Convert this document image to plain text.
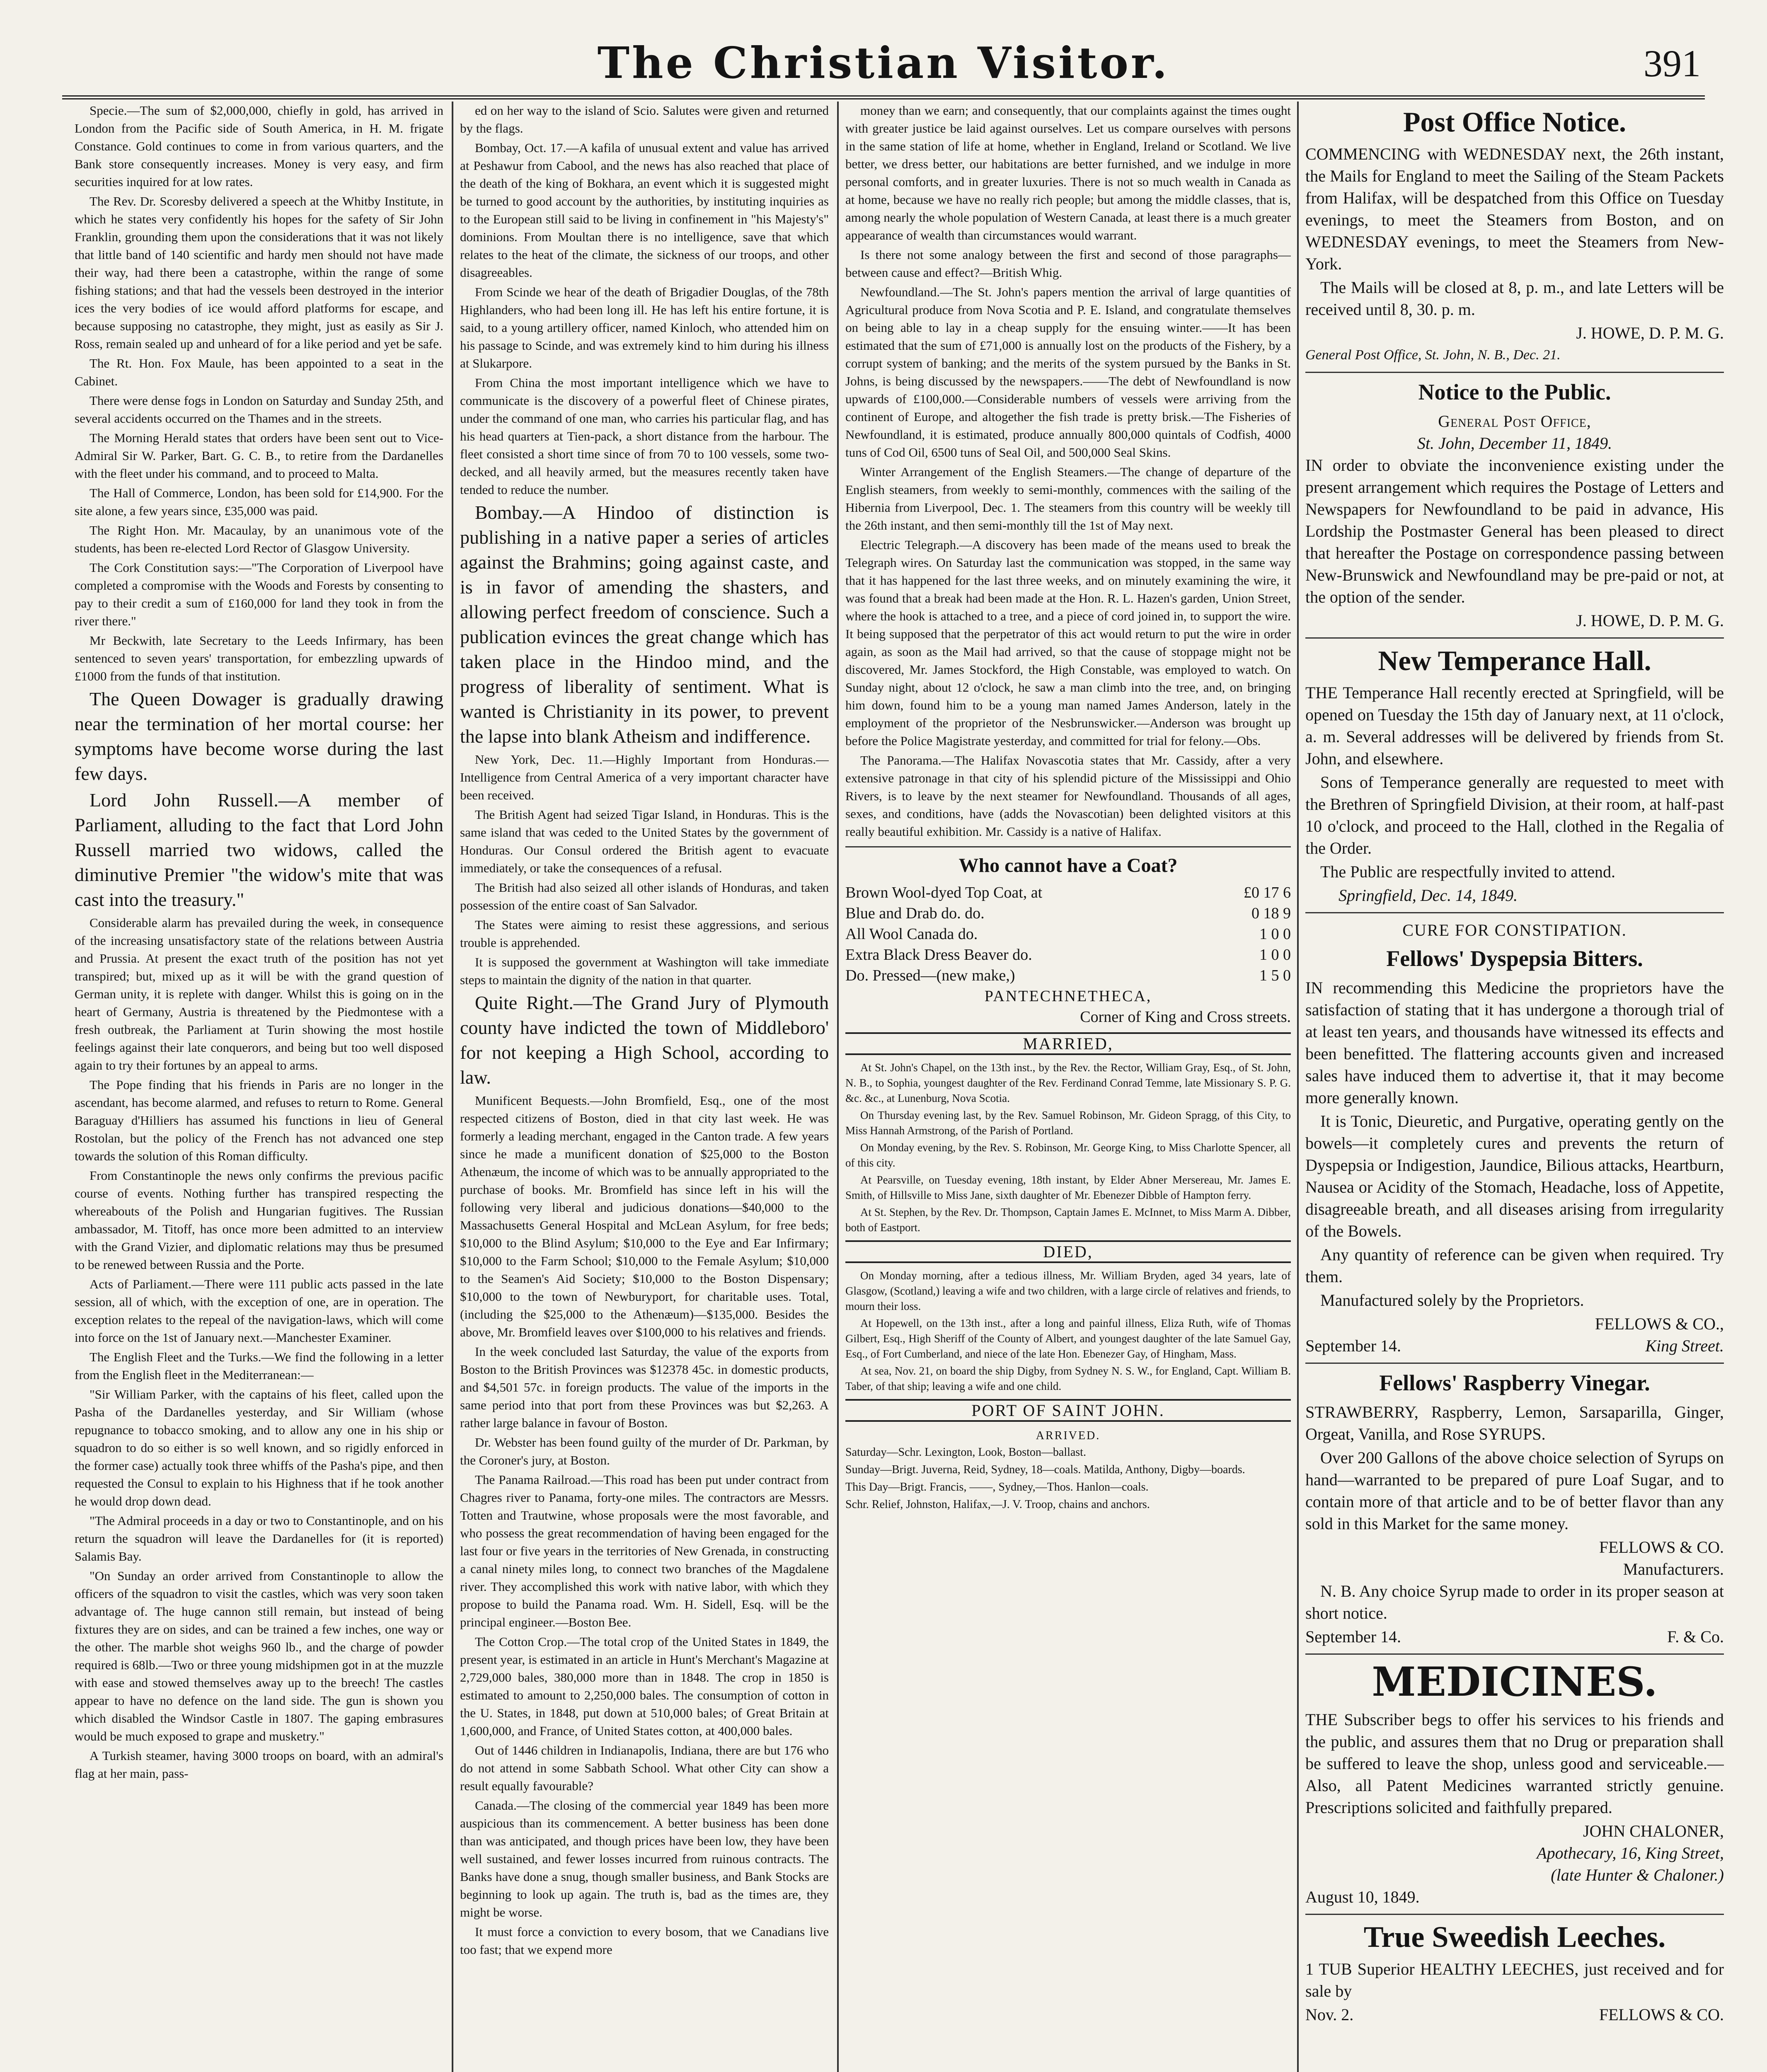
The Christian Visitor.	391

Specie.—The sum of $2,000,000, chiefly in gold, has arrived in London from the Pacific side of South America, in H. M. frigate Constance. Gold continues to come in from various quarters, and the Bank store consequently increases. Money is very easy, and firm securities inquired for at low rates.

The Rev. Dr. Scoresby delivered a speech at the Whitby Institute, in which he states very confidently his hopes for the safety of Sir John Franklin, grounding them upon the considerations that it was not likely that little band of 140 scientific and hardy men should not have made their way, had there been a catastrophe, within the range of some fishing stations; and that had the vessels been destroyed in the interior ices the very bodies of ice would afford platforms for escape, and because supposing no catastrophe, they might, just as easily as Sir J. Ross, remain sealed up and unheard of for a like period and yet be safe.

The Rt. Hon. Fox Maule, has been appointed to a seat in the Cabinet.

There were dense fogs in London on Saturday and Sunday 25th, and several accidents occurred on the Thames and in the streets.

The Morning Herald states that orders have been sent out to Vice-Admiral Sir W. Parker, Bart. G. C. B., to retire from the Dardanelles with the fleet under his command, and to proceed to Malta.

The Hall of Commerce, London, has been sold for £14,900. For the site alone, a few years since, £35,000 was paid.

The Right Hon. Mr. Macaulay, by an unanimous vote of the students, has been re-elected Lord Rector of Glasgow University.

The Cork Constitution says:—"The Corporation of Liverpool have completed a compromise with the Woods and Forests by consenting to pay to their credit a sum of £160,000 for land they took in from the river there."

Mr Beckwith, late Secretary to the Leeds Infirmary, has been sentenced to seven years' transportation, for embezzling upwards of £1000 from the funds of that institution.

The Queen Dowager is gradually drawing near the termination of her mortal course: her symptoms have become worse during the last few days.

Lord John Russell.—A member of Parliament, alluding to the fact that Lord John Russell married two widows, called the diminutive Premier "the widow's mite that was cast into the treasury."

Considerable alarm has prevailed during the week, in consequence of the increasing unsatisfactory state of the relations between Austria and Prussia. At present the exact truth of the position has not yet transpired; but, mixed up as it will be with the grand question of German unity, it is replete with danger. Whilst this is going on in the heart of Germany, Austria is threatened by the Piedmontese with a fresh outbreak, the Parliament at Turin showing the most hostile feelings against their late conquerors, and being but too well disposed again to try their fortunes by an appeal to arms.

The Pope finding that his friends in Paris are no longer in the ascendant, has become alarmed, and refuses to return to Rome. General Baraguay d'Hilliers has assumed his functions in lieu of General Rostolan, but the policy of the French has not advanced one step towards the solution of this Roman difficulty.

From Constantinople the news only confirms the previous pacific course of events. Nothing further has transpired respecting the whereabouts of the Polish and Hungarian fugitives. The Russian ambassador, M. Titoff, has once more been admitted to an interview with the Grand Vizier, and diplomatic relations may thus be presumed to be renewed between Russia and the Porte.

Acts of Parliament.—There were 111 public acts passed in the late session, all of which, with the exception of one, are in operation. The exception relates to the repeal of the navigation-laws, which will come into force on the 1st of January next.—Manchester Examiner.

The English Fleet and the Turks.—We find the following in a letter from the English fleet in the Mediterranean:—

"Sir William Parker, with the captains of his fleet, called upon the Pasha of the Dardanelles yesterday, and Sir William (whose repugnance to tobacco smoking, and to allow any one in his ship or squadron to do so either is so well known, and so rigidly enforced in the former case) actually took three whiffs of the Pasha's pipe, and then requested the Consul to explain to his Highness that if he took another he would drop down dead.

"The Admiral proceeds in a day or two to Constantinople, and on his return the squadron will leave the Dardanelles for (it is reported) Salamis Bay.

"On Sunday an order arrived from Constantinople to allow the officers of the squadron to visit the castles, which was very soon taken advantage of. The huge cannon still remain, but instead of being fixtures they are on sides, and can be trained a few inches, one way or the other. The marble shot weighs 960 lb., and the charge of powder required is 68lb.—Two or three young midshipmen got in at the muzzle with ease and stowed themselves away up to the breech! The castles appear to have no defence on the land side. The gun is shown you which disabled the Windsor Castle in 1807. The gaping embrasures would be much exposed to grape and musketry."

A Turkish steamer, having 3000 troops on board, with an admiral's flag at her main, pass-

ed on her way to the island of Scio. Salutes were given and returned by the flags.

Bombay, Oct. 17.—A kafila of unusual extent and value has arrived at Peshawur from Cabool, and the news has also reached that place of the death of the king of Bokhara, an event which it is suggested might be turned to good account by the authorities, by instituting inquiries as to the European still said to be living in confinement in "his Majesty's" dominions. From Moultan there is no intelligence, save that which relates to the heat of the climate, the sickness of our troops, and other disagreeables.

From Scinde we hear of the death of Brigadier Douglas, of the 78th Highlanders, who had been long ill. He has left his entire fortune, it is said, to a young artillery officer, named Kinloch, who attended him on his passage to Scinde, and was extremely kind to him during his illness at Slukarpore.

From China the most important intelligence which we have to communicate is the discovery of a powerful fleet of Chinese pirates, under the command of one man, who carries his particular flag, and has his head quarters at Tien-pack, a short distance from the harbour. The fleet consisted a short time since of from 70 to 100 vessels, some two-decked, and all heavily armed, but the measures recently taken have tended to reduce the number.

Bombay.—A Hindoo of distinction is publishing in a native paper a series of articles against the Brahmins; going against caste, and is in favor of amending the shasters, and allowing perfect freedom of conscience. Such a publication evinces the great change which has taken place in the Hindoo mind, and the progress of liberality of sentiment. What is wanted is Christianity in its power, to prevent the lapse into blank Atheism and indifference.

New York, Dec. 11.—Highly Important from Honduras.—Intelligence from Central America of a very important character have been received.

The British Agent had seized Tigar Island, in Honduras. This is the same island that was ceded to the United States by the government of Honduras. Our Consul ordered the British agent to evacuate immediately, or take the consequences of a refusal.

The British had also seized all other islands of Honduras, and taken possession of the entire coast of San Salvador.

The States were aiming to resist these aggressions, and serious trouble is apprehended.

It is supposed the government at Washington will take immediate steps to maintain the dignity of the nation in that quarter.

Quite Right.—The Grand Jury of Plymouth county have indicted the town of Middleboro' for not keeping a High School, according to law.

Munificent Bequests.—John Bromfield, Esq., one of the most respected citizens of Boston, died in that city last week. He was formerly a leading merchant, engaged in the Canton trade. A few years since he made a munificent donation of $25,000 to the Boston Athenæum, the income of which was to be annually appropriated to the purchase of books. Mr. Bromfield has since left in his will the following very liberal and judicious donations—$40,000 to the Massachusetts General Hospital and McLean Asylum, for free beds; $10,000 to the Blind Asylum; $10,000 to the Eye and Ear Infirmary; $10,000 to the Farm School; $10,000 to the Female Asylum; $10,000 to the Seamen's Aid Society; $10,000 to the Boston Dispensary; $10,000 to the town of Newburyport, for charitable uses. Total, (including the $25,000 to the Athenæum)—$135,000. Besides the above, Mr. Bromfield leaves over $100,000 to his relatives and friends.

In the week concluded last Saturday, the value of the exports from Boston to the British Provinces was $12378 45c. in domestic products, and $4,501 57c. in foreign products. The value of the imports in the same period into that port from these Provinces was but $2,263. A rather large balance in favour of Boston.

Dr. Webster has been found guilty of the murder of Dr. Parkman, by the Coroner's jury, at Boston.

The Panama Railroad.—This road has been put under contract from Chagres river to Panama, forty-one miles. The contractors are Messrs. Totten and Trautwine, whose proposals were the most favorable, and who possess the great recommendation of having been engaged for the last four or five years in the territories of New Grenada, in constructing a canal ninety miles long, to connect two branches of the Magdalene river. They accomplished this work with native labor, with which they propose to build the Panama road. Wm. H. Sidell, Esq. will be the principal engineer.—Boston Bee.

The Cotton Crop.—The total crop of the United States in 1849, the present year, is estimated in an article in Hunt's Merchant's Magazine at 2,729,000 bales, 380,000 more than in 1848. The crop in 1850 is estimated to amount to 2,250,000 bales. The consumption of cotton in the U. States, in 1848, put down at 510,000 bales; of Great Britain at 1,600,000, and France, of United States cotton, at 400,000 bales.

Out of 1446 children in Indianapolis, Indiana, there are but 176 who do not attend in some Sabbath School. What other City can show a result equally favourable?

Canada.—The closing of the commercial year 1849 has been more auspicious than its commencement. A better business has been done than was anticipated, and though prices have been low, they have been well sustained, and fewer losses incurred from ruinous contracts. The Banks have done a snug, though smaller business, and Bank Stocks are beginning to look up again. The truth is, bad as the times are, they might be worse.

It must force a conviction to every bosom, that we Canadians live too fast; that we expend more

money than we earn; and consequently, that our complaints against the times ought with greater justice be laid against ourselves. Let us compare ourselves with persons in the same station of life at home, whether in England, Ireland or Scotland. We live better, we dress better, our habitations are better furnished, and we indulge in more personal comforts, and in greater luxuries. There is not so much wealth in Canada as at home, because we have no really rich people; but among the middle classes, that is, among nearly the whole population of Western Canada, at least there is a much greater appearance of wealth than circumstances would warrant.

Is there not some analogy between the first and second of those paragraphs—between cause and effect?—British Whig.

Newfoundland.—The St. John's papers mention the arrival of large quantities of Agricultural produce from Nova Scotia and P. E. Island, and congratulate themselves on being able to lay in a cheap supply for the ensuing winter.——It has been estimated that the sum of £71,000 is annually lost on the products of the Fishery, by a corrupt system of banking; and the merits of the system pursued by the Banks in St. Johns, is being discussed by the newspapers.——The debt of Newfoundland is now upwards of £100,000.—Considerable numbers of vessels were arriving from the continent of Europe, and altogether the fish trade is pretty brisk.—The Fisheries of Newfoundland, it is estimated, produce annually 800,000 quintals of Codfish, 4000 tuns of Cod Oil, 6500 tuns of Seal Oil, and 500,000 Seal Skins.

Winter Arrangement of the English Steamers.—The change of departure of the English steamers, from weekly to semi-monthly, commences with the sailing of the Hibernia from Liverpool, Dec. 1. The steamers from this country will be weekly till the 26th instant, and then semi-monthly till the 1st of May next.

Electric Telegraph.—A discovery has been made of the means used to break the Telegraph wires. On Saturday last the communication was stopped, in the same way that it has happened for the last three weeks, and on minutely examining the wire, it was found that a break had been made at the Hon. R. L. Hazen's garden, Union Street, where the hook is attached to a tree, and a piece of cord joined in, to support the wire. It being supposed that the perpetrator of this act would return to put the wire in order again, as soon as the Mail had arrived, so that the cause of stoppage might not be discovered, Mr. James Stockford, the High Constable, was employed to watch. On Sunday night, about 12 o'clock, he saw a man climb into the tree, and, on bringing him down, found him to be a young man named James Anderson, lately in the employment of the proprietor of the Nesbrunswicker.—Anderson was brought up before the Police Magistrate yesterday, and committed for trial for felony.—Obs.

The Panorama.—The Halifax Novascotia states that Mr. Cassidy, after a very extensive patronage in that city of his splendid picture of the Mississippi and Ohio Rivers, is to leave by the next steamer for Newfoundland. Thousands of all ages, sexes, and conditions, have (adds the Novascotian) been delighted visitors at this really beautiful exhibition. Mr. Cassidy is a native of Halifax.

Who cannot have a Coat?
Brown Wool-dyed Top Coat, at	£0 17 6
Blue and Drab do. do.	0 18 9
All Wool Canada do.	1 0 0
Extra Black Dress Beaver do.	1 0 0
Do. Pressed—(new make,)	1 5 0
PANTECHNETHECA,
Corner of King and Cross streets.
MARRIED,

At St. John's Chapel, on the 13th inst., by the Rev. the Rector, William Gray, Esq., of St. John, N. B., to Sophia, youngest daughter of the Rev. Ferdinand Conrad Temme, late Missionary S. P. G. &c. &c., at Lunenburg, Nova Scotia.

On Thursday evening last, by the Rev. Samuel Robinson, Mr. Gideon Spragg, of this City, to Miss Hannah Armstrong, of the Parish of Portland.

On Monday evening, by the Rev. S. Robinson, Mr. George King, to Miss Charlotte Spencer, all of this city.

At Pearsville, on Tuesday evening, 18th instant, by Elder Abner Mersereau, Mr. James E. Smith, of Hillsville to Miss Jane, sixth daughter of Mr. Ebenezer Dibble of Hampton ferry.

At St. Stephen, by the Rev. Dr. Thompson, Captain James E. McInnet, to Miss Marm A. Dibber, both of Eastport.

DIED,

On Monday morning, after a tedious illness, Mr. William Bryden, aged 34 years, late of Glasgow, (Scotland,) leaving a wife and two children, with a large circle of relatives and friends, to mourn their loss.

At Hopewell, on the 13th inst., after a long and painful illness, Eliza Ruth, wife of Thomas Gilbert, Esq., High Sheriff of the County of Albert, and youngest daughter of the late Samuel Gay, Esq., of Fort Cumberland, and niece of the late Hon. Ebenezer Gay, of Hingham, Mass.

At sea, Nov. 21, on board the ship Digby, from Sydney N. S. W., for England, Capt. William B. Taber, of that ship; leaving a wife and one child.

PORT OF SAINT JOHN.
ARRIVED.

Saturday—Schr. Lexington, Look, Boston—ballast.

Sunday—Brigt. Juverna, Reid, Sydney, 18—coals. Matilda, Anthony, Digby—boards.

This Day—Brigt. Francis, ——, Sydney,—Thos. Hanlon—coals.

Schr. Relief, Johnston, Halifax,—J. V. Troop, chains and anchors.

Post Office Notice.

COMMENCING with WEDNESDAY next, the 26th instant, the Mails for England to meet the Sailing of the Steam Packets from Halifax, will be despatched from this Office on Tuesday evenings, to meet the Steamers from Boston, and on WEDNESDAY evenings, to meet the Steamers from New-York.

The Mails will be closed at 8, p. m., and late Letters will be received until 8, 30. p. m.

J. HOWE, D. P. M. G.
General Post Office, St. John, N. B., Dec. 21.
Notice to the Public.
General Post Office,
St. John, December 11, 1849.

IN order to obviate the inconvenience existing under the present arrangement which requires the Postage of Letters and Newspapers for Newfoundland to be paid in advance, His Lordship the Postmaster General has been pleased to direct that hereafter the Postage on correspondence passing between New-Brunswick and Newfoundland may be pre-paid or not, at the option of the sender.

J. HOWE, D. P. M. G.
New Temperance Hall.

THE Temperance Hall recently erected at Springfield, will be opened on Tuesday the 15th day of January next, at 11 o'clock, a. m. Several addresses will be delivered by friends from St. John, and elsewhere.

Sons of Temperance generally are requested to meet with the Brethren of Springfield Division, at their room, at half-past 10 o'clock, and proceed to the Hall, clothed in the Regalia of the Order.

The Public are respectfully invited to attend.

Springfield, Dec. 14, 1849.
CURE FOR CONSTIPATION.
Fellows' Dyspepsia Bitters.

IN recommending this Medicine the proprietors have the satisfaction of stating that it has undergone a thorough trial of at least ten years, and thousands have witnessed its effects and been benefitted. The flattering accounts given and increased sales have induced them to advertise it, that it may become more generally known.

It is Tonic, Dieuretic, and Purgative, operating gently on the bowels—it completely cures and prevents the return of Dyspepsia or Indigestion, Jaundice, Bilious attacks, Heartburn, Nausea or Acidity of the Stomach, Headache, loss of Appetite, disagreeable breath, and all diseases arising from irregularity of the Bowels.

Any quantity of reference can be given when required. Try them.

Manufactured solely by the Proprietors.

FELLOWS & CO.,
September 14.	King Street.
Fellows' Raspberry Vinegar.

STRAWBERRY, Raspberry, Lemon, Sarsaparilla, Ginger, Orgeat, Vanilla, and Rose SYRUPS.

Over 200 Gallons of the above choice selection of Syrups on hand—warranted to be prepared of pure Loaf Sugar, and to contain more of that article and to be of better flavor than any sold in this Market for the same money.

FELLOWS & CO.
Manufacturers.

N. B. Any choice Syrup made to order in its proper season at short notice.

September 14.	F. & Co.
MEDICINES.

THE Subscriber begs to offer his services to his friends and the public, and assures them that no Drug or preparation shall be suffered to leave the shop, unless good and serviceable.—Also, all Patent Medicines warranted strictly genuine. Prescriptions solicited and faithfully prepared.

JOHN CHALONER,
Apothecary, 16, King Street,
(late Hunter & Chaloner.)
August 10, 1849.
True Sweedish Leeches.

1 TUB Superior HEALTHY LEECHES, just received and for sale by

Nov. 2.	FELLOWS & CO.
